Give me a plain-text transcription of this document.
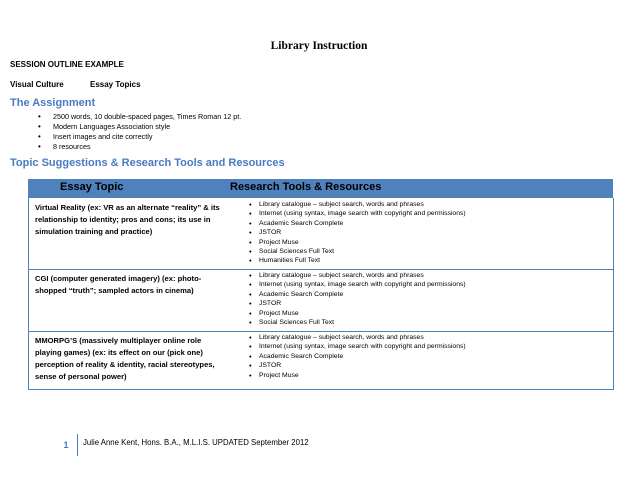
Library Instruction
SESSION OUTLINE EXAMPLE
Visual Culture	Essay Topics
The Assignment
• 2500 words, 10 double-spaced pages, Times Roman 12 pt.
• Modern Languages Association style
• Insert images and cite correctly
• 8 resources
Topic Suggestions & Research Tools and Resources
Essay Topic	Research Tools & Resources
Virtual Reality (ex: VR as an alternate “reality” & its relationship to identity; pros and cons; its use in simulation training and practice)
• Library catalogue – subject search, words and phrases
• Internet (using syntax, image search with copyright and permissions)
• Academic Search Complete
• JSTOR
• Project Muse
• Social Sciences Full Text
• Humanities Full Text
CGI (computer generated imagery) (ex: photo-shopped “truth”; sampled actors in cinema)
• Library catalogue – subject search, words and phrases
• Internet (using syntax, image search with copyright and permissions)
• Academic Search Complete
• JSTOR
• Project Muse
• Social Sciences Full Text
MMORPG’S (massively multiplayer online role playing games) (ex: its effect on our (pick one) perception of reality & identity, racial stereotypes, sense of personal power)
• Library catalogue – subject search, words and phrases
• Internet (using syntax, image search with copyright and permissions)
• Academic Search Complete
• JSTOR
• Project Muse
1	Julie Anne Kent, Hons. B.A., M.L.I.S. UPDATED September 2012
